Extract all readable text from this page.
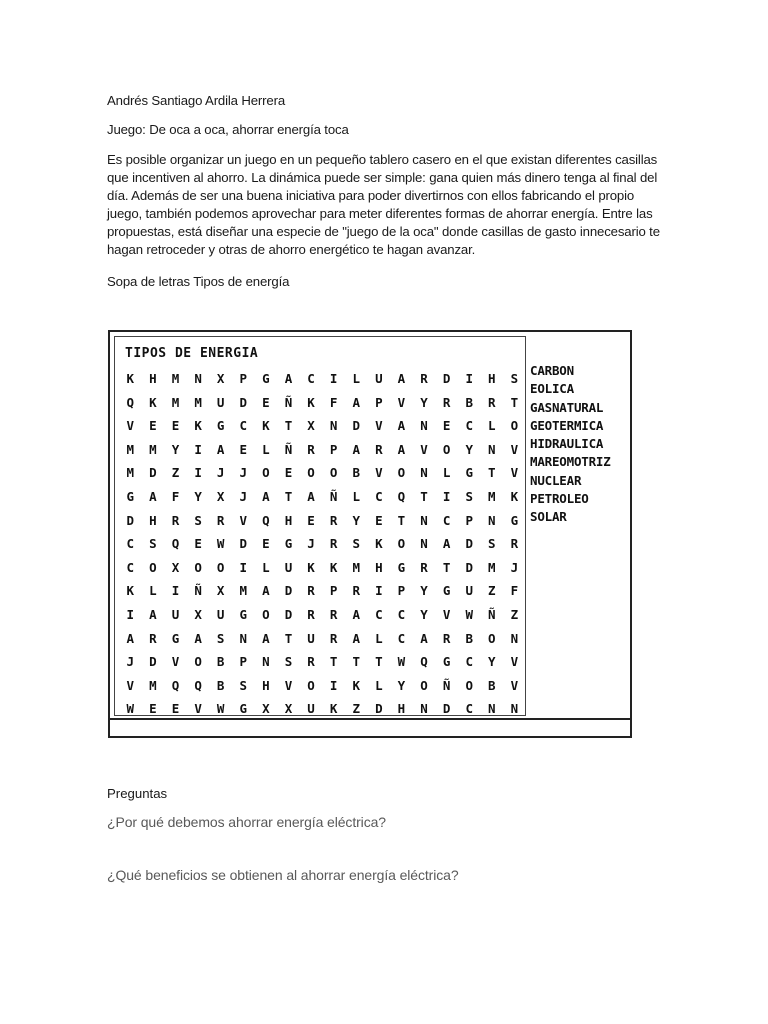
Andrés Santiago Ardila Herrera
Juego: De oca a oca, ahorrar energía toca
Es posible organizar un juego en un pequeño tablero casero en el que existan diferentes casillas
que incentiven al ahorro. La dinámica puede ser simple: gana quien más dinero tenga al final del
día. Además de ser una buena iniciativa para poder divertirnos con ellos fabricando el propio
juego, también podemos aprovechar para meter diferentes formas de ahorrar energía. Entre las
propuestas, está diseñar una especie de "juego de la oca" donde casillas de gasto innecesario te
hagan retroceder y otras de ahorro energético te hagan avanzar.
Sopa de letras Tipos de energía
TIPOS DE ENERGIA
K	H	M	N	X	P	G	A	C	I	L	U	A	R	D	I	H	S
Q	K	M	M	U	D	E	Ñ	K	F	A	P	V	Y	R	B	R	T
V	E	E	K	G	C	K	T	X	N	D	V	A	N	E	C	L	O
M	M	Y	I	A	E	L	Ñ	R	P	A	R	A	V	O	Y	N	V
M	D	Z	I	J	J	O	E	O	O	B	V	O	N	L	G	T	V
G	A	F	Y	X	J	A	T	A	Ñ	L	C	Q	T	I	S	M	K
D	H	R	S	R	V	Q	H	E	R	Y	E	T	N	C	P	N	G
C	S	Q	E	W	D	E	G	J	R	S	K	O	N	A	D	S	R
C	O	X	O	O	I	L	U	K	K	M	H	G	R	T	D	M	J
K	L	I	Ñ	X	M	A	D	R	P	R	I	P	Y	G	U	Z	F
I	A	U	X	U	G	O	D	R	R	A	C	C	Y	V	W	Ñ	Z
A	R	G	A	S	N	A	T	U	R	A	L	C	A	R	B	O	N
J	D	V	O	B	P	N	S	R	T	T	T	W	Q	G	C	Y	V
V	M	Q	Q	B	S	H	V	O	I	K	L	Y	O	Ñ	O	B	V
W	E	E	V	W	G	X	X	U	K	Z	D	H	N	D	C	N	N
CARBON
EOLICA
GASNATURAL
GEOTERMICA
HIDRAULICA
MAREOMOTRIZ
NUCLEAR
PETROLEO
SOLAR
Preguntas
¿Por qué debemos ahorrar energía eléctrica?
¿Qué beneficios se obtienen al ahorrar energía eléctrica?
